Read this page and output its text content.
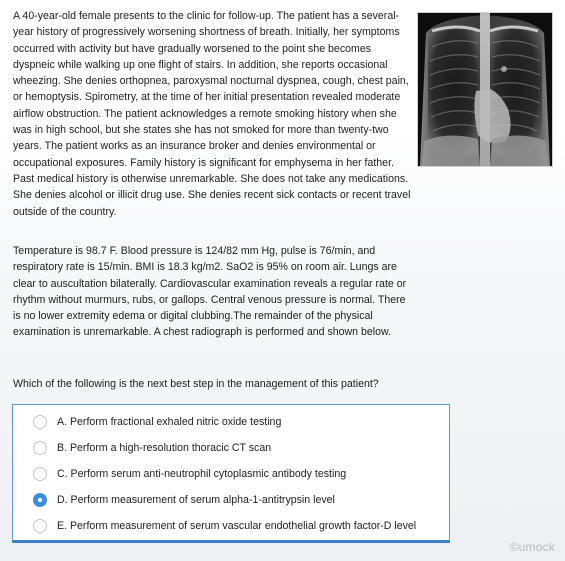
A 40-year-old female presents to the clinic for follow-up. The patient has a several-year history of progressively worsening shortness of breath. Initially, her symptoms occurred with activity but have gradually worsened to the point she becomes dyspneic while walking up one flight of stairs. In addition, she reports occasional wheezing. She denies orthopnea, paroxysmal nocturnal dyspnea, cough, chest pain, or hemoptysis. Spirometry, at the time of her initial presentation revealed moderate airflow obstruction. The patient acknowledges a remote smoking history when she was in high school, but she states she has not smoked for more than twenty-two years. The patient works as an insurance broker and denies environmental or occupational exposures. Family history is significant for emphysema in her father. Past medical history is otherwise unremarkable. She does not take any medications. She denies alcohol or illicit drug use. She denies recent sick contacts or recent travel outside of the country.

Temperature is 98.7 F. Blood pressure is 124/82 mm Hg, pulse is 76/min, and respiratory rate is 15/min. BMI is 18.3 kg/m2. SaO2 is 95% on room air. Lungs are clear to auscultation bilaterally. Cardiovascular examination reveals a regular rate or rhythm without murmurs, rubs, or gallops. Central venous pressure is normal. There is no lower extremity edema or digital clubbing.The remainder of the physical examination is unremarkable. A chest radiograph is performed and shown below.
Which of the following is the next best step in the management of this patient?
A. Perform fractional exhaled nitric oxide testing
B. Perform a high-resolution thoracic CT scan
C. Perform serum anti-neutrophil cytoplasmic antibody testing
D. Perform measurement of serum alpha-1-antitrypsin level
E. Perform measurement of serum vascular endothelial growth factor-D level
©umock
